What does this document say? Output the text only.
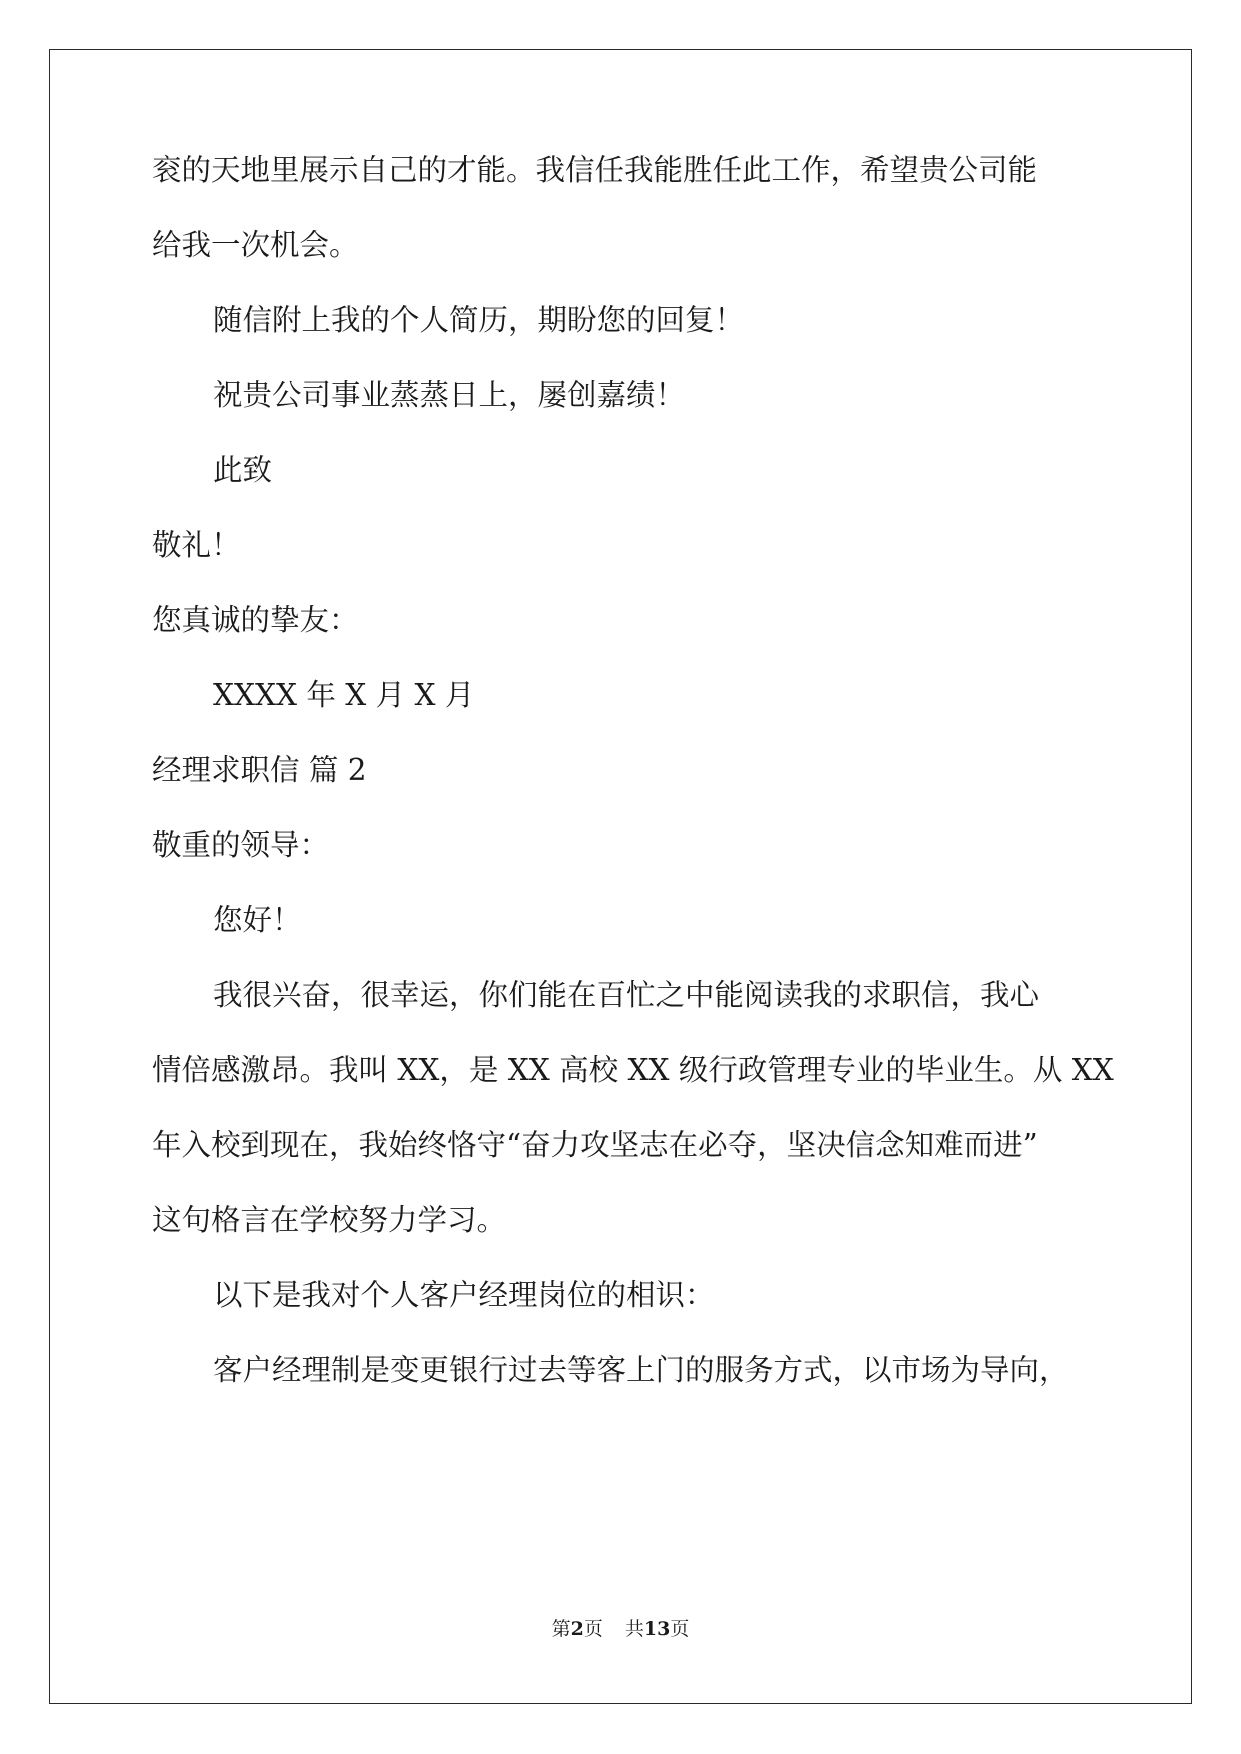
衮的天地里展示自己的才能。我信任我能胜任此工作，希望贵公司能

给我一次机会。

随信附上我的个人简历，期盼您的回复！

祝贵公司事业蒸蒸日上，屡创嘉绩！

此致

敬礼！

您真诚的挚友：

XXXX 年 X 月 X 月

经理求职信 篇 2

敬重的领导：

您好！

我很兴奋，很幸运，你们能在百忙之中能阅读我的求职信，我心

情倍感激昂。我叫 XX，是 XX 高校 XX 级行政管理专业的毕业生。从 XX

年入校到现在，我始终恪守“奋力攻坚志在必夺，坚决信念知难而进”

这句格言在学校努力学习。

以下是我对个人客户经理岗位的相识：

客户经理制是变更银行过去等客上门的服务方式，以市场为导向，

第2页 共13页
